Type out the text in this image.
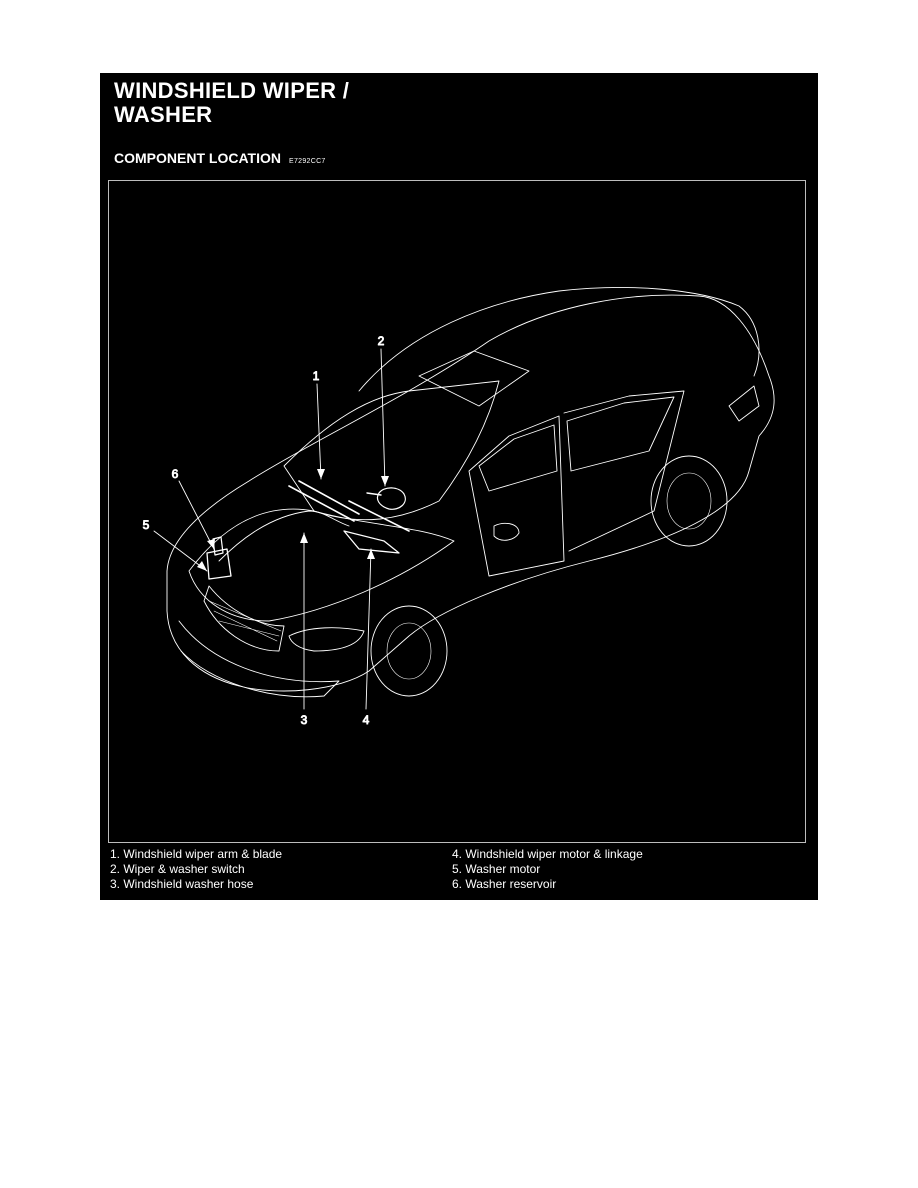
WINDSHIELD WIPER /
WASHER
COMPONENT LOCATION E7292CC7
1
2
3	4
5
6
1. Windshield wiper arm & blade
2. Wiper & washer switch
3. Windshield washer hose
4. Windshield wiper motor & linkage
5. Washer motor
6. Washer reservoir
